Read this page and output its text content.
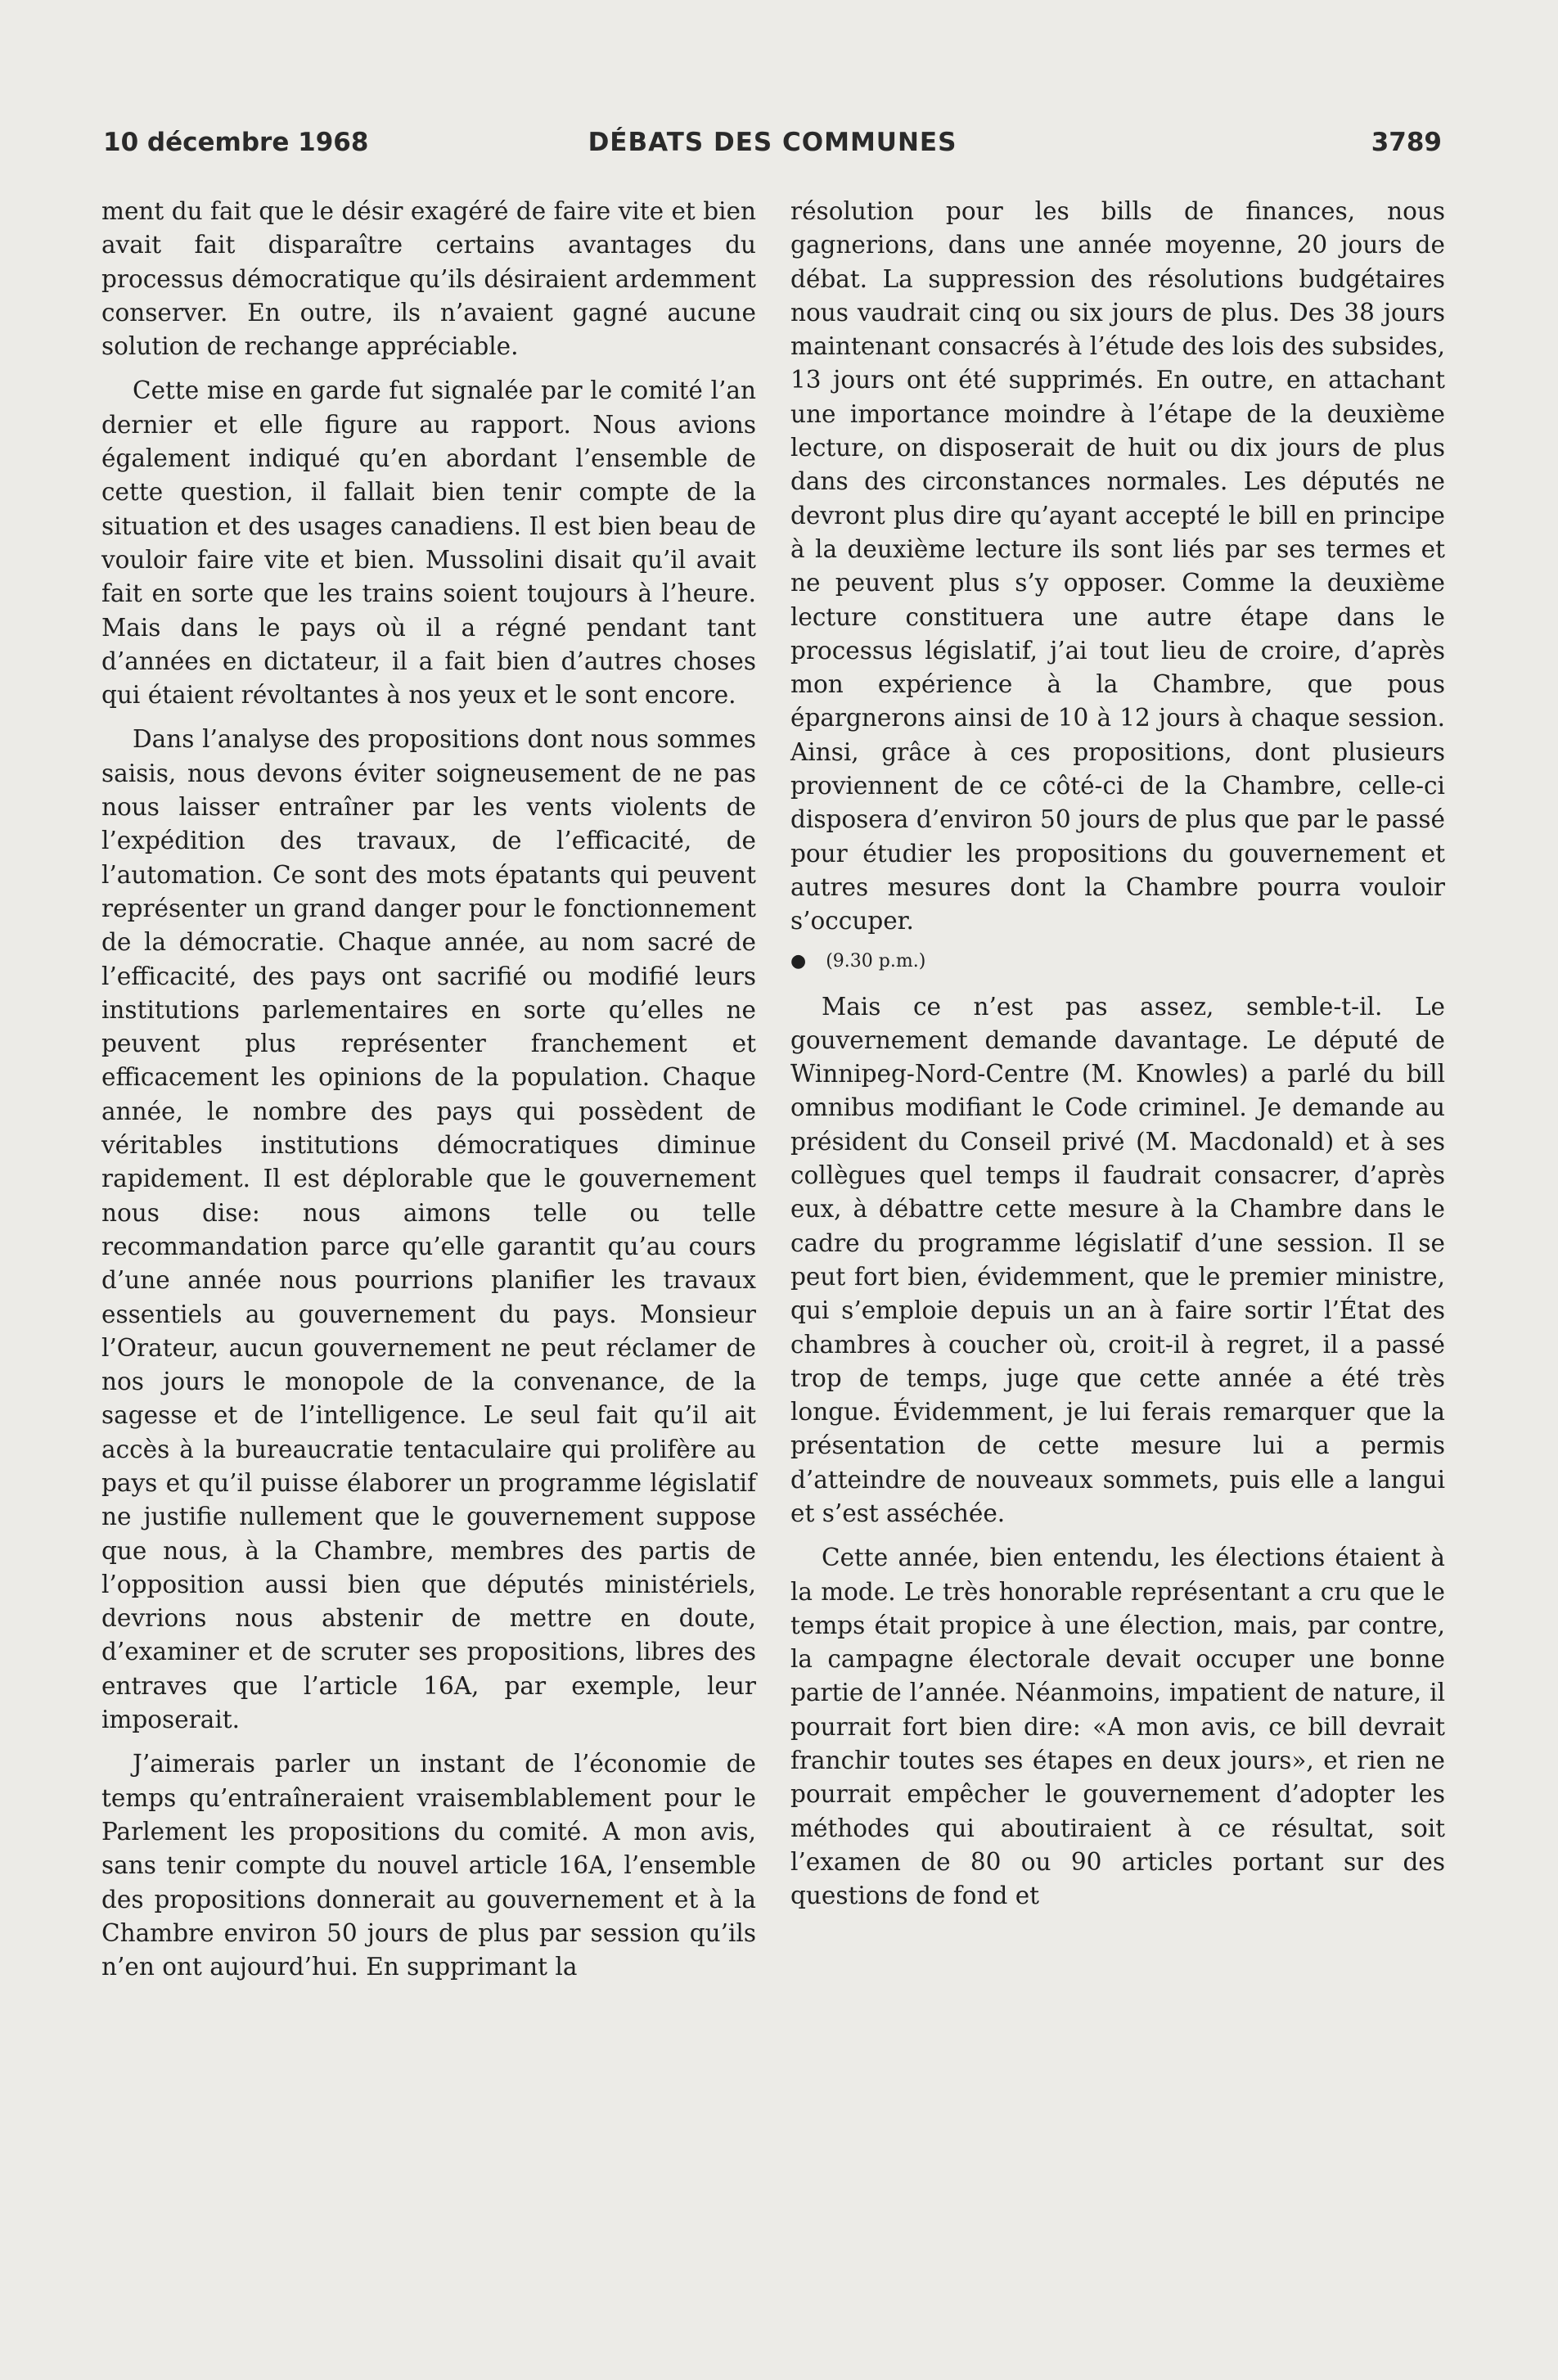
10 décembre 1968	DÉBATS DES COMMUNES	3789

ment du fait que le désir exagéré de faire vite et bien avait fait disparaître certains avantages du processus démocratique qu’ils désiraient ardemment conserver. En outre, ils n’avaient gagné aucune solution de rechange appréciable.

Cette mise en garde fut signalée par le comité l’an dernier et elle figure au rapport. Nous avions également indiqué qu’en abordant l’ensemble de cette question, il fallait bien tenir compte de la situation et des usages canadiens. Il est bien beau de vouloir faire vite et bien. Mussolini disait qu’il avait fait en sorte que les trains soient toujours à l’heure. Mais dans le pays où il a régné pendant tant d’années en dictateur, il a fait bien d’autres choses qui étaient révoltantes à nos yeux et le sont encore.

Dans l’analyse des propositions dont nous sommes saisis, nous devons éviter soigneusement de ne pas nous laisser entraîner par les vents violents de l’expédition des travaux, de l’efficacité, de l’automation. Ce sont des mots épatants qui peuvent représenter un grand danger pour le fonctionnement de la démocratie. Chaque année, au nom sacré de l’efficacité, des pays ont sacrifié ou modifié leurs institutions parlementaires en sorte qu’elles ne peuvent plus représenter franchement et efficacement les opinions de la population. Chaque année, le nombre des pays qui possèdent de véritables institutions démocratiques diminue rapidement. Il est déplorable que le gouvernement nous dise: nous aimons telle ou telle recommandation parce qu’elle garantit qu’au cours d’une année nous pourrions planifier les travaux essentiels au gouvernement du pays. Monsieur l’Orateur, aucun gouvernement ne peut réclamer de nos jours le monopole de la convenance, de la sagesse et de l’intelligence. Le seul fait qu’il ait accès à la bureaucratie tentaculaire qui prolifère au pays et qu’il puisse élaborer un programme législatif ne justifie nullement que le gouvernement suppose que nous, à la Chambre, membres des partis de l’opposition aussi bien que députés ministériels, devrions nous abstenir de mettre en doute, d’examiner et de scruter ses propositions, libres des entraves que l’article 16A, par exemple, leur imposerait.

J’aimerais parler un instant de l’économie de temps qu’entraîneraient vraisemblablement pour le Parlement les propositions du comité. A mon avis, sans tenir compte du nouvel article 16A, l’ensemble des propositions donnerait au gouvernement et à la Chambre environ 50 jours de plus par session qu’ils n’en ont aujourd’hui. En supprimant la

résolution pour les bills de finances, nous gagnerions, dans une année moyenne, 20 jours de débat. La suppression des résolutions budgétaires nous vaudrait cinq ou six jours de plus. Des 38 jours maintenant consacrés à l’étude des lois des subsides, 13 jours ont été supprimés. En outre, en attachant une importance moindre à l’étape de la deuxième lecture, on disposerait de huit ou dix jours de plus dans des circonstances normales. Les députés ne devront plus dire qu’ayant accepté le bill en principe à la deuxième lecture ils sont liés par ses termes et ne peuvent plus s’y opposer. Comme la deuxième lecture constituera une autre étape dans le processus législatif, j’ai tout lieu de croire, d’après mon expérience à la Chambre, que pous épargnerons ainsi de 10 à 12 jours à chaque session. Ainsi, grâce à ces propositions, dont plusieurs proviennent de ce côté-ci de la Chambre, celle-ci disposera d’environ 50 jours de plus que par le passé pour étudier les propositions du gouvernement et autres mesures dont la Chambre pourra vouloir s’occuper.

● (9.30 p.m.)

Mais ce n’est pas assez, semble-t-il. Le gouvernement demande davantage. Le député de Winnipeg-Nord-Centre (M. Knowles) a parlé du bill omnibus modifiant le Code criminel. Je demande au président du Conseil privé (M. Macdonald) et à ses collègues quel temps il faudrait consacrer, d’après eux, à débattre cette mesure à la Chambre dans le cadre du programme législatif d’une session. Il se peut fort bien, évidemment, que le premier ministre, qui s’emploie depuis un an à faire sortir l’État des chambres à coucher où, croit-il à regret, il a passé trop de temps, juge que cette année a été très longue. Évidemment, je lui ferais remarquer que la présentation de cette mesure lui a permis d’atteindre de nouveaux sommets, puis elle a langui et s’est asséchée.

Cette année, bien entendu, les élections étaient à la mode. Le très honorable représentant a cru que le temps était propice à une élection, mais, par contre, la campagne électorale devait occuper une bonne partie de l’année. Néanmoins, impatient de nature, il pourrait fort bien dire: «A mon avis, ce bill devrait franchir toutes ses étapes en deux jours», et rien ne pourrait empêcher le gouvernement d’adopter les méthodes qui aboutiraient à ce résultat, soit l’examen de 80 ou 90 articles portant sur des questions de fond et
